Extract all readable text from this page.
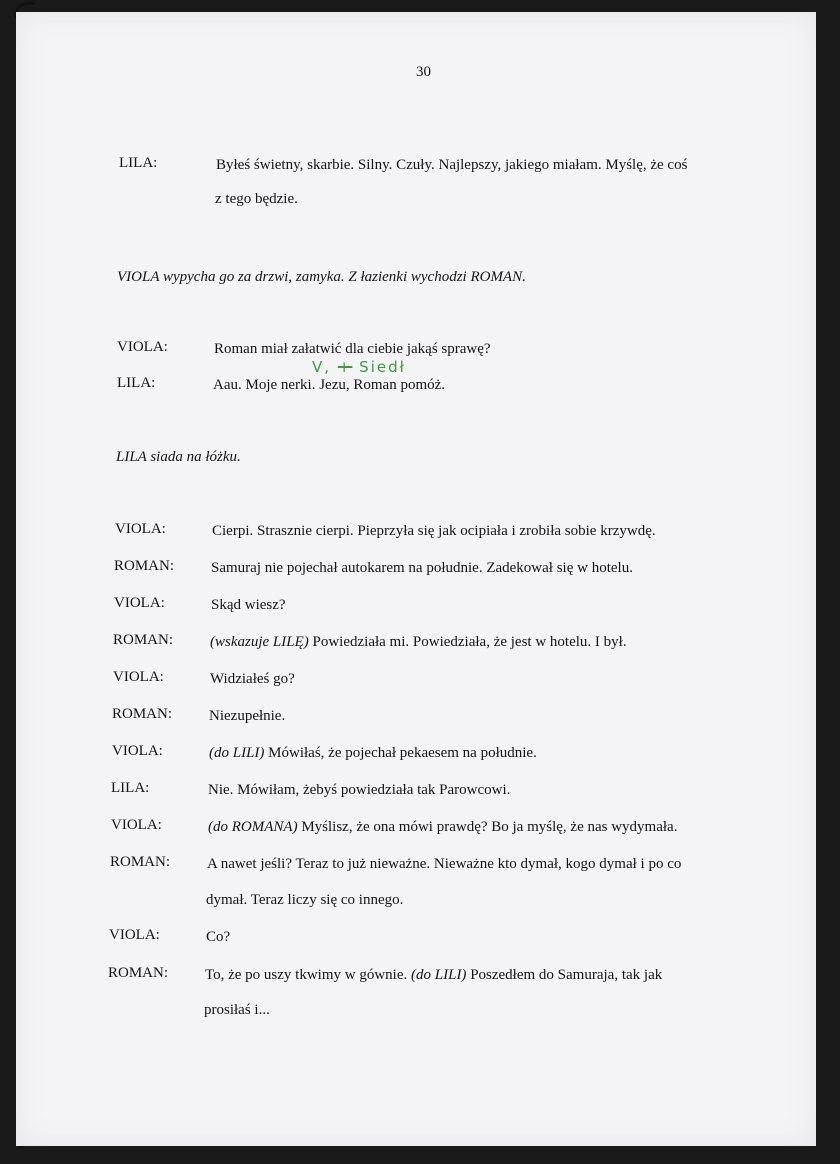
30
V, + Siedł
LILA:	Byłeś świetny, skarbie. Silny. Czuły. Najlepszy, jakiego miałam. Myślę, że coś
z tego będzie.
VIOLA wypycha go za drzwi, zamyka. Z łazienki wychodzi ROMAN.
VIOLA:	Roman miał załatwić dla ciebie jakąś sprawę?
LILA:	Aau. Moje nerki. Jezu, Roman pomóż.
LILA siada na łóżku.
VIOLA:	Cierpi. Strasznie cierpi. Pieprzyła się jak ocipiała i zrobiła sobie krzywdę.
ROMAN: Samuraj nie pojechał autokarem na południe. Zadekował się w hotelu.
VIOLA:	Skąd wiesz?
ROMAN: (wskazuje LILĘ) Powiedziała mi. Powiedziała, że jest w hotelu. I był.
VIOLA:	Widziałeś go?
ROMAN: Niezupełnie.
VIOLA:	(do LILI) Mówiłaś, że pojechał pekaesem na południe.
LILA:	Nie. Mówiłam, żebyś powiedziała tak Parowcowi.
VIOLA:	(do ROMANA) Myślisz, że ona mówi prawdę? Bo ja myślę, że nas wydymała.
ROMAN: A nawet jeśli? Teraz to już nieważne. Nieważne kto dymał, kogo dymał i po co
dymał. Teraz liczy się co innego.
VIOLA:	Co?
ROMAN: To, że po uszy tkwimy w gównie. (do LILI) Poszedłem do Samuraja, tak jak
prosiłaś i...
